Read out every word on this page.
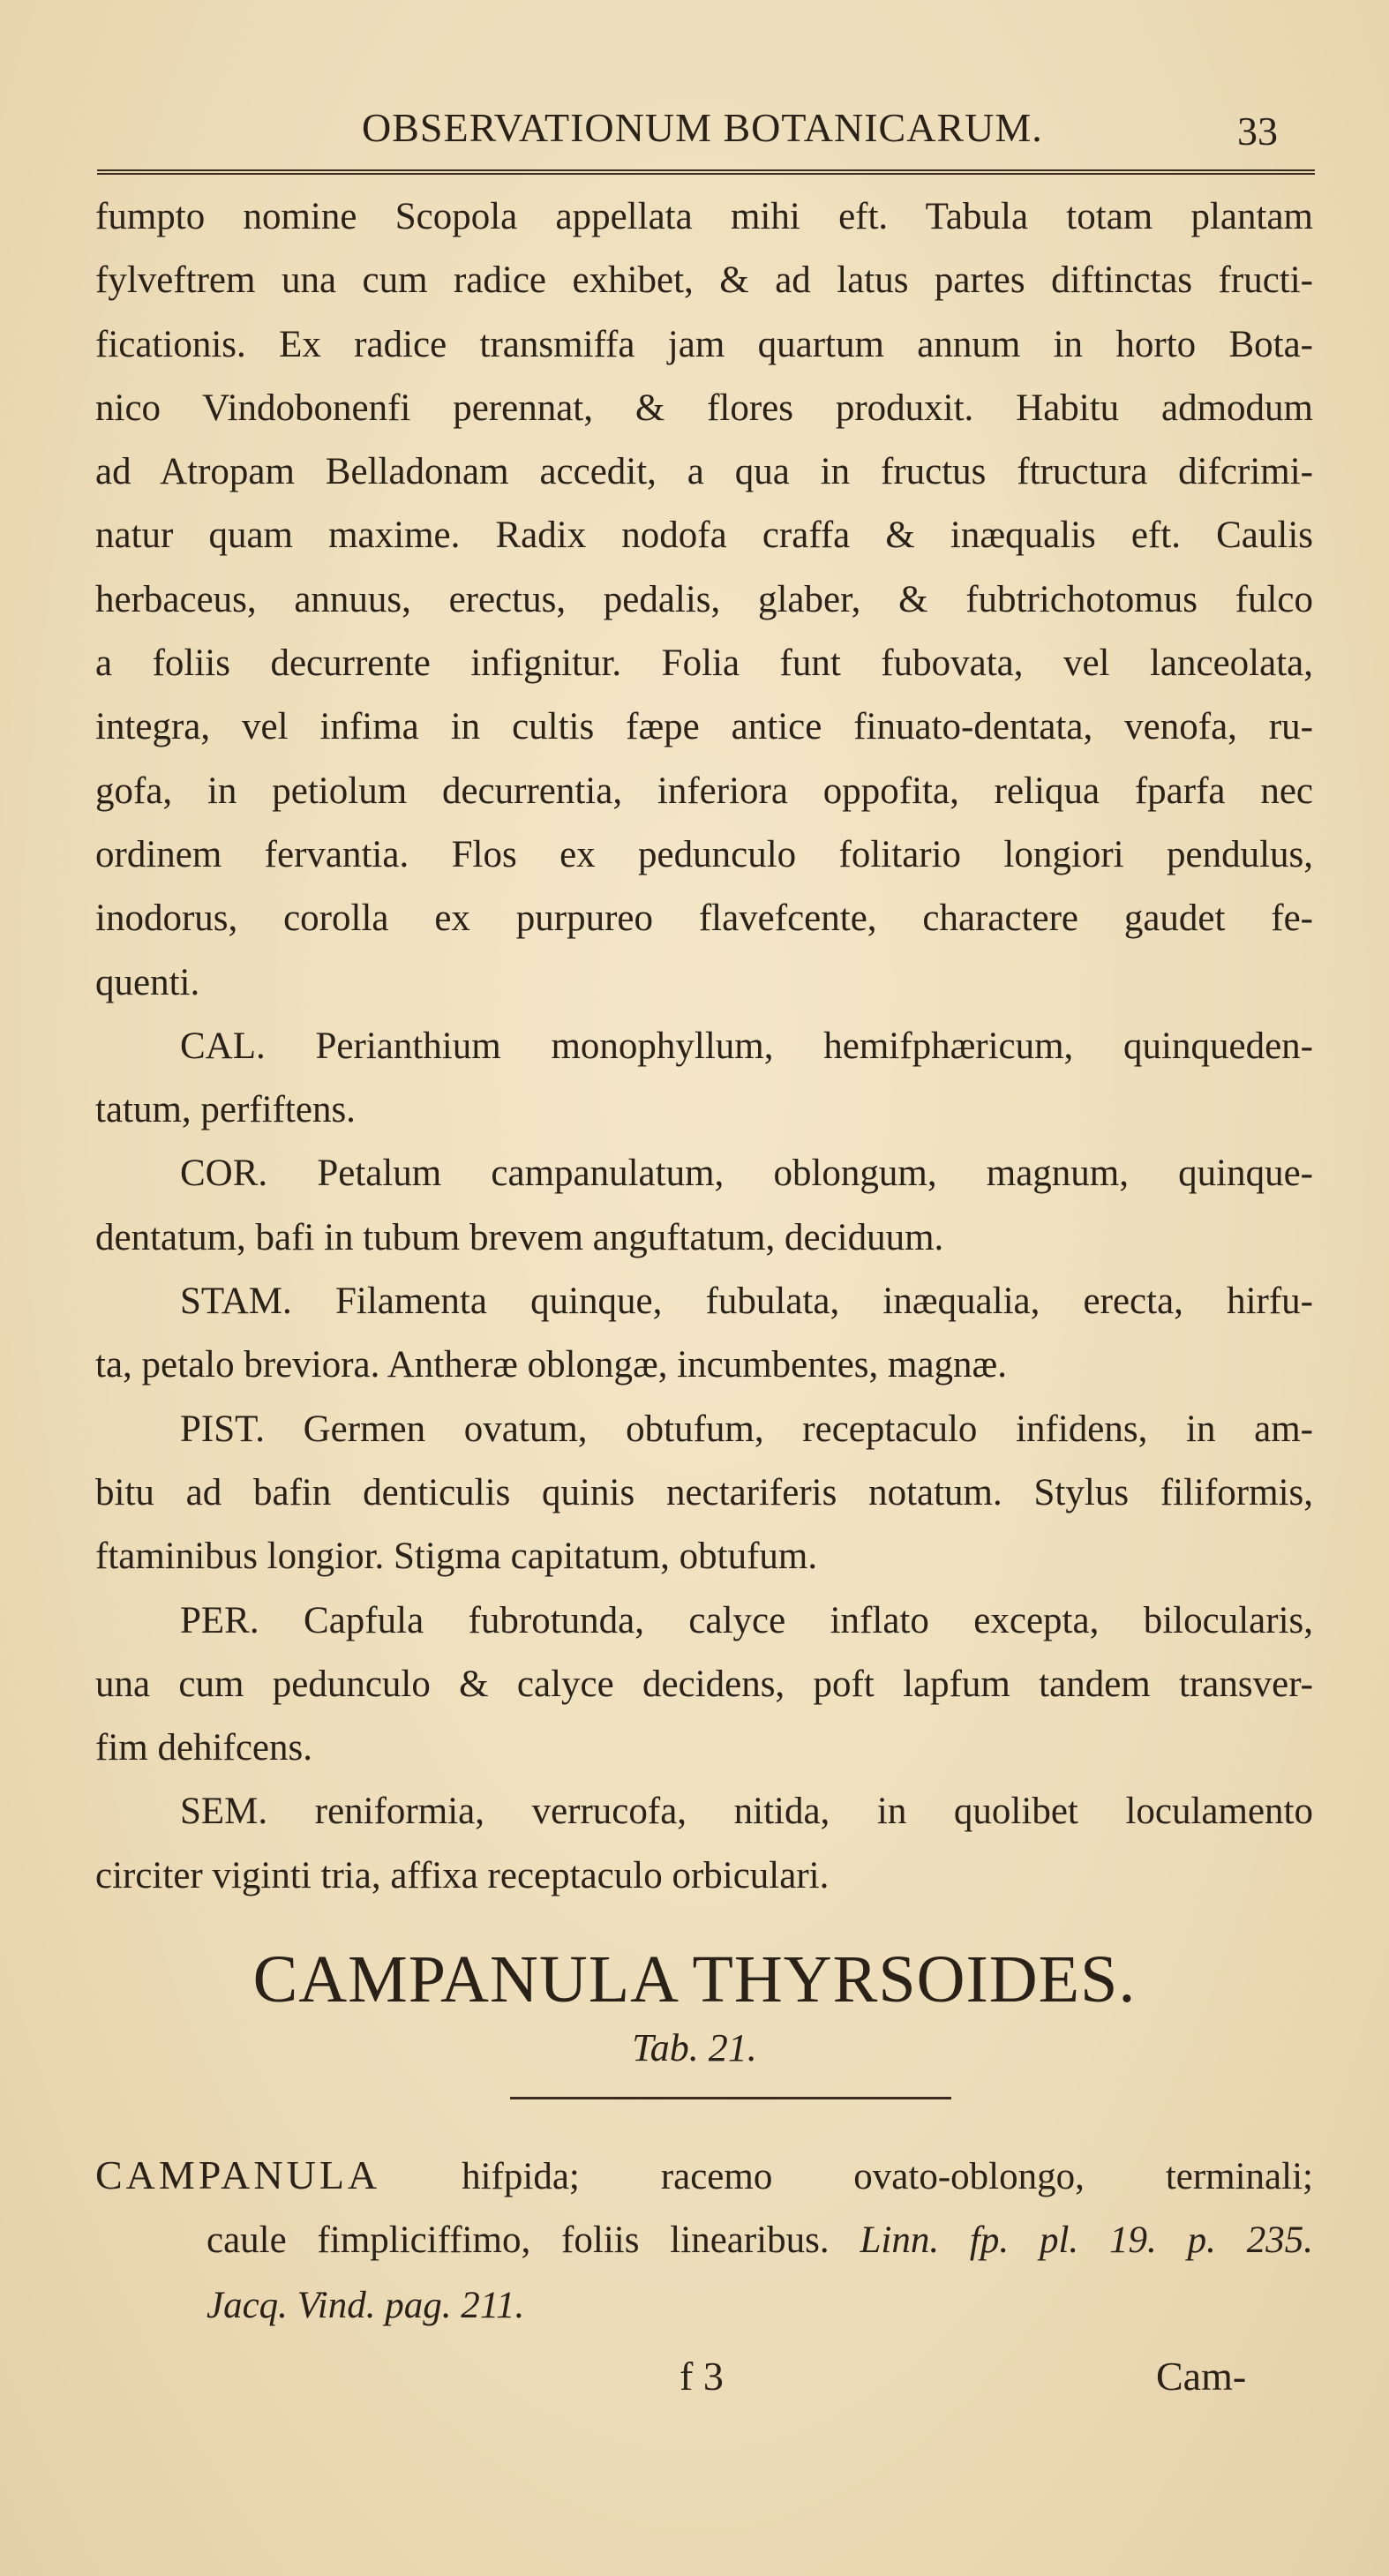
OBSERVATIONUM BOTANICARUM.	33
fumpto nomine Scopola appellata mihi eft. Tabula totam plantam
fylveftrem una cum radice exhibet, & ad latus partes diftinctas fructi-
ficationis. Ex radice transmiffa jam quartum annum in horto Bota-
nico Vindobonenfi perennat, & flores produxit. Habitu admodum
ad Atropam Belladonam accedit, a qua in fructus ftructura difcrimi-
natur quam maxime. Radix nodofa craffa & inæqualis eft. Caulis
herbaceus, annuus, erectus, pedalis, glaber, & fubtrichotomus fulco
a foliis decurrente infignitur. Folia funt fubovata, vel lanceolata,
integra, vel infima in cultis fæpe antice finuato-dentata, venofa, ru-
gofa, in petiolum decurrentia, inferiora oppofita, reliqua fparfa nec
ordinem fervantia. Flos ex pedunculo folitario longiori pendulus,
inodorus, corolla ex purpureo flavefcente, charactere gaudet fe-
quenti.
CAL. Perianthium monophyllum, hemifphæricum, quinqueden-
tatum, perfiftens.
COR. Petalum campanulatum, oblongum, magnum, quinque-
dentatum, bafi in tubum brevem anguftatum, deciduum.
STAM. Filamenta quinque, fubulata, inæqualia, erecta, hirfu-
ta, petalo breviora. Antheræ oblongæ, incumbentes, magnæ.
PIST. Germen ovatum, obtufum, receptaculo infidens, in am-
bitu ad bafin denticulis quinis nectariferis notatum. Stylus filiformis,
ftaminibus longior. Stigma capitatum, obtufum.
PER. Capfula fubrotunda, calyce inflato excepta, bilocularis,
una cum pedunculo & calyce decidens, poft lapfum tandem transver-
fim dehifcens.
SEM. reniformia, verrucofa, nitida, in quolibet loculamento
circiter viginti tria, affixa receptaculo orbiculari.
CAMPANULA THYRSOIDES.
Tab. 21.
CAMPANULA hifpida; racemo ovato-oblongo, terminali;
caule fimpliciffimo, foliis linearibus. Linn. fp. pl. 19. p. 235.
Jacq. Vind. pag. 211.
f 3	Cam-
